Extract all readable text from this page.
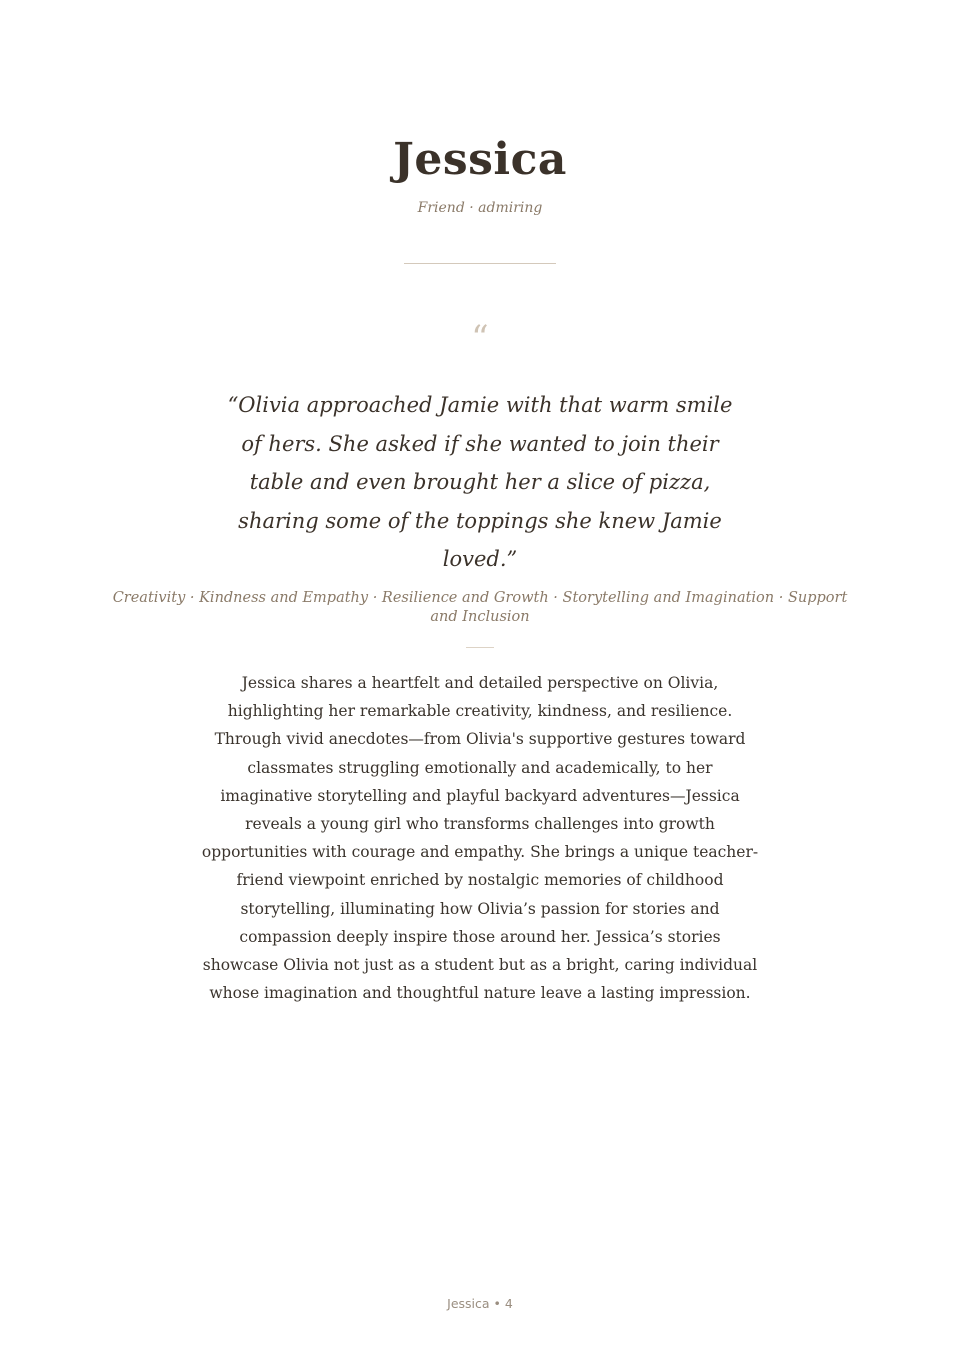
Jessica
Friend · admiring
“
“Olivia approached Jamie with that warm smile of hers. She asked if she wanted to join their table and even brought her a slice of pizza, sharing some of the toppings she knew Jamie loved.”
Creativity · Kindness and Empathy · Resilience and Growth · Storytelling and Imagination · Support and Inclusion
Jessica shares a heartfelt and detailed perspective on Olivia, highlighting her remarkable creativity, kindness, and resilience. Through vivid anecdotes—from Olivia's supportive gestures toward classmates struggling emotionally and academically, to her imaginative storytelling and playful backyard adventures—Jessica reveals a young girl who transforms challenges into growth opportunities with courage and empathy. She brings a unique teacher-friend viewpoint enriched by nostalgic memories of childhood storytelling, illuminating how Olivia’s passion for stories and compassion deeply inspire those around her. Jessica’s stories showcase Olivia not just as a student but as a bright, caring individual whose imagination and thoughtful nature leave a lasting impression.
Jessica • 4
